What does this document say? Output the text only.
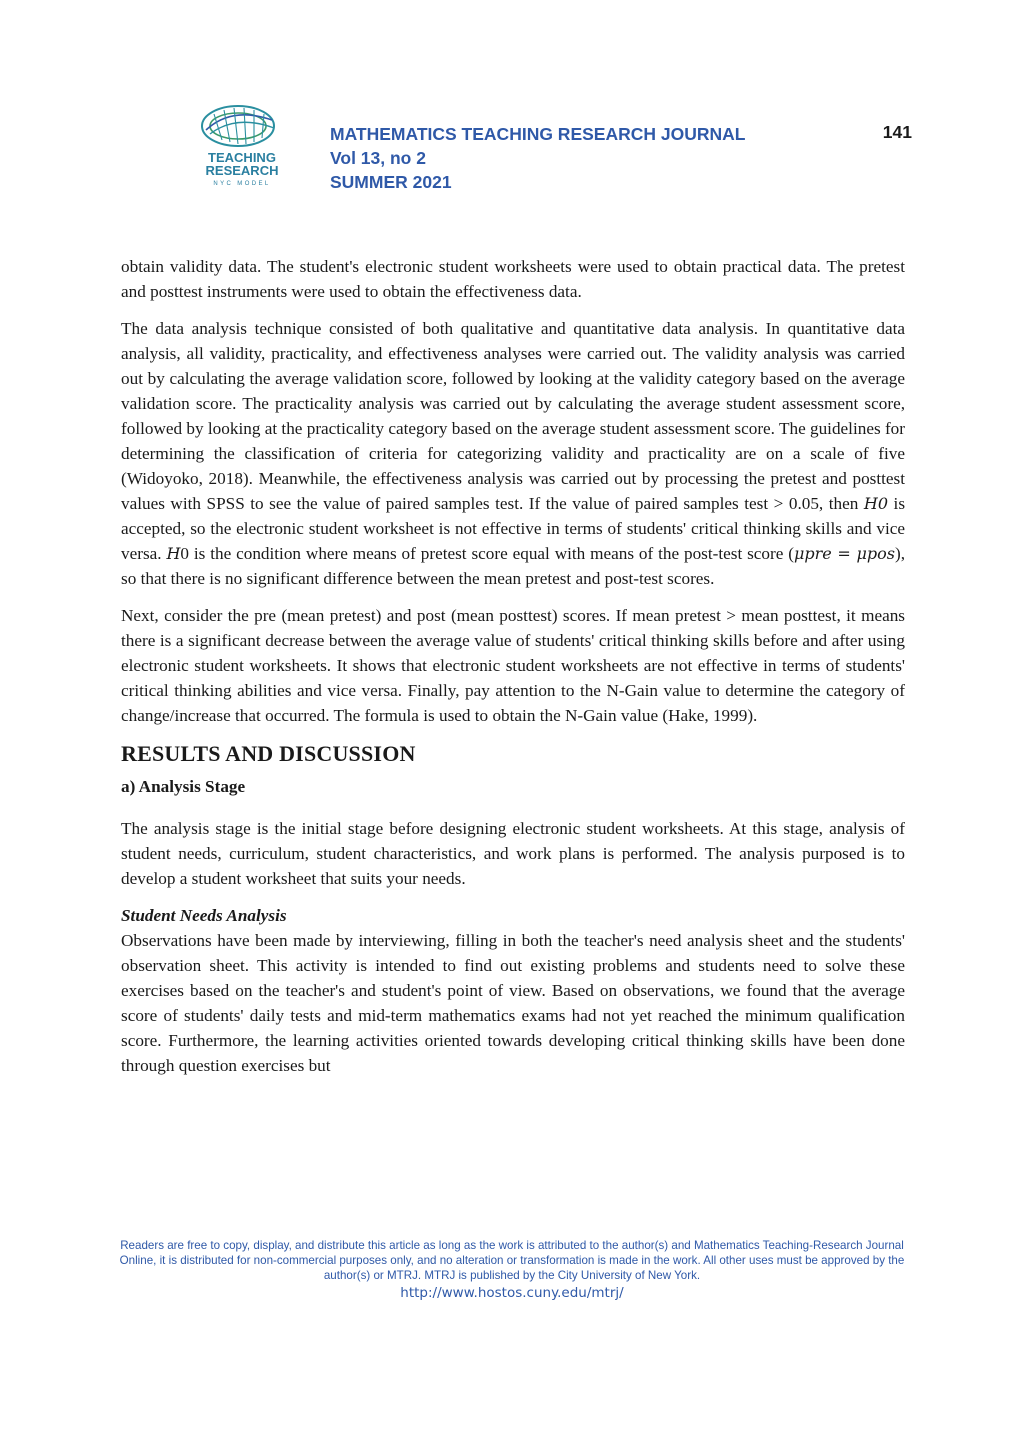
TEACHING
RESEARCH
NYC MODEL
MATHEMATICS TEACHING RESEARCH JOURNAL
Vol 13, no 2
SUMMER 2021
141

obtain validity data. The student's electronic student worksheets were used to obtain practical data. The pretest and posttest instruments were used to obtain the effectiveness data.

The data analysis technique consisted of both qualitative and quantitative data analysis. In quantitative data analysis, all validity, practicality, and effectiveness analyses were carried out. The validity analysis was carried out by calculating the average validation score, followed by looking at the validity category based on the average validation score. The practicality analysis was carried out by calculating the average student assessment score, followed by looking at the practicality category based on the average student assessment score. The guidelines for determining the classification of criteria for categorizing validity and practicality are on a scale of five (Widoyoko, 2018). Meanwhile, the effectiveness analysis was carried out by processing the pretest and posttest values with SPSS to see the value of paired samples test. If the value of paired samples test > 0.05, then H0 is accepted, so the electronic student worksheet is not effective in terms of students' critical thinking skills and vice versa. H0 is the condition where means of pretest score equal with means of the post-test score (μpre = μpos), so that there is no significant difference between the mean pretest and post-test scores.

Next, consider the pre (mean pretest) and post (mean posttest) scores. If mean pretest > mean posttest, it means there is a significant decrease between the average value of students' critical thinking skills before and after using electronic student worksheets. It shows that electronic student worksheets are not effective in terms of students' critical thinking abilities and vice versa. Finally, pay attention to the N-Gain value to determine the category of change/increase that occurred. The formula is used to obtain the N-Gain value (Hake, 1999).

RESULTS AND DISCUSSION
a) Analysis Stage

The analysis stage is the initial stage before designing electronic student worksheets. At this stage, analysis of student needs, curriculum, student characteristics, and work plans is performed. The analysis purposed is to develop a student worksheet that suits your needs.

Student Needs Analysis
Observations have been made by interviewing, filling in both the teacher's need analysis sheet and the students' observation sheet. This activity is intended to find out existing problems and students need to solve these exercises based on the teacher's and student's point of view. Based on observations, we found that the average score of students' daily tests and mid-term mathematics exams had not yet reached the minimum qualification score. Furthermore, the learning activities oriented towards developing critical thinking skills have been done through question exercises but

Readers are free to copy, display, and distribute this article as long as the work is attributed to the author(s) and Mathematics Teaching-Research Journal Online, it is distributed for non-commercial purposes only, and no alteration or transformation is made in the work. All other uses must be approved by the author(s) or MTRJ. MTRJ is published by the City University of New York.
http://www.hostos.cuny.edu/mtrj/
